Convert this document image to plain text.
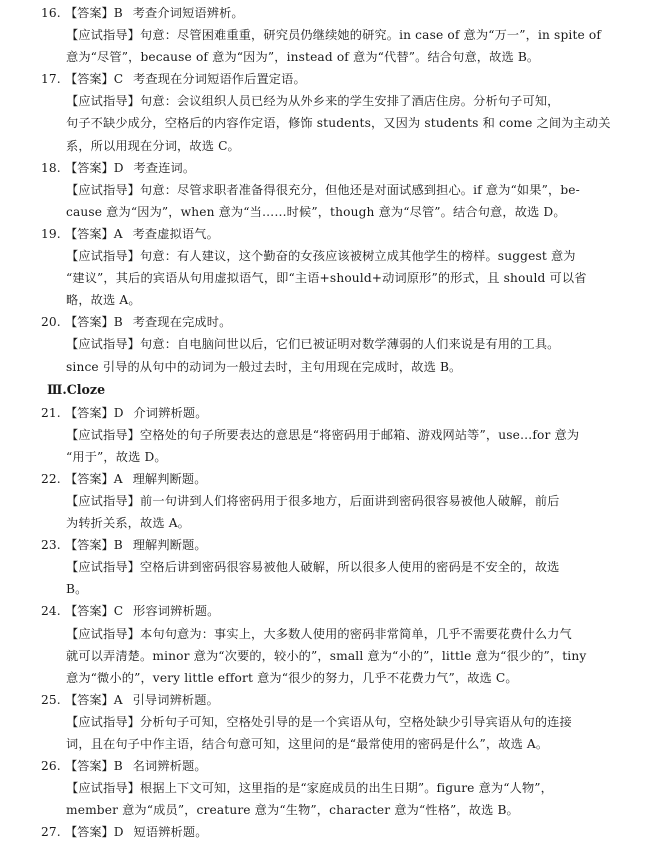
16. 【答案】B 考查介词短语辨析。
【应试指导】句意：尽管困难重重，研究员仍继续她的研究。in case of 意为“万一”，in spite of
意为“尽管”，because of 意为“因为”，instead of 意为“代替”。结合句意，故选 B。
17. 【答案】C 考查现在分词短语作后置定语。
【应试指导】句意：会议组织人员已经为从外乡来的学生安排了酒店住房。分析句子可知，
句子不缺少成分，空格后的内容作定语，修饰 students，又因为 students 和 come 之间为主动关
系，所以用现在分词，故选 C。
18. 【答案】D 考查连词。
【应试指导】句意：尽管求职者准备得很充分，但他还是对面试感到担心。if 意为“如果”，be-
cause 意为“因为”，when 意为“当……时候”，though 意为“尽管”。结合句意，故选 D。
19. 【答案】A 考查虚拟语气。
【应试指导】句意：有人建议，这个勤奋的女孩应该被树立成其他学生的榜样。suggest 意为
“建议”，其后的宾语从句用虚拟语气，即“主语+should+动词原形”的形式，且 should 可以省
略，故选 A。
20. 【答案】B 考查现在完成时。
【应试指导】句意：自电脑问世以后，它们已被证明对数学薄弱的人们来说是有用的工具。
since 引导的从句中的动词为一般过去时，主句用现在完成时，故选 B。
Ⅲ.Cloze
21. 【答案】D 介词辨析题。
【应试指导】空格处的句子所要表达的意思是“将密码用于邮箱、游戏网站等”，use…for 意为
“用于”，故选 D。
22. 【答案】A 理解判断题。
【应试指导】前一句讲到人们将密码用于很多地方，后面讲到密码很容易被他人破解，前后
为转折关系，故选 A。
23. 【答案】B 理解判断题。
【应试指导】空格后讲到密码很容易被他人破解，所以很多人使用的密码是不安全的，故选
B。
24. 【答案】C 形容词辨析题。
【应试指导】本句句意为：事实上，大多数人使用的密码非常简单，几乎不需要花费什么力气
就可以弄清楚。minor 意为“次要的，较小的”，small 意为“小的”，little 意为“很少的”，tiny
意为“微小的”，very little effort 意为“很少的努力，几乎不花费力气”，故选 C。
25. 【答案】A 引导词辨析题。
【应试指导】分析句子可知，空格处引导的是一个宾语从句，空格处缺少引导宾语从句的连接
词，且在句子中作主语，结合句意可知，这里问的是“最常使用的密码是什么”，故选 A。
26. 【答案】B 名词辨析题。
【应试指导】根据上下文可知，这里指的是“家庭成员的出生日期”。figure 意为“人物”，
member 意为“成员”，creature 意为“生物”，character 意为“性格”，故选 B。
27. 【答案】D 短语辨析题。
